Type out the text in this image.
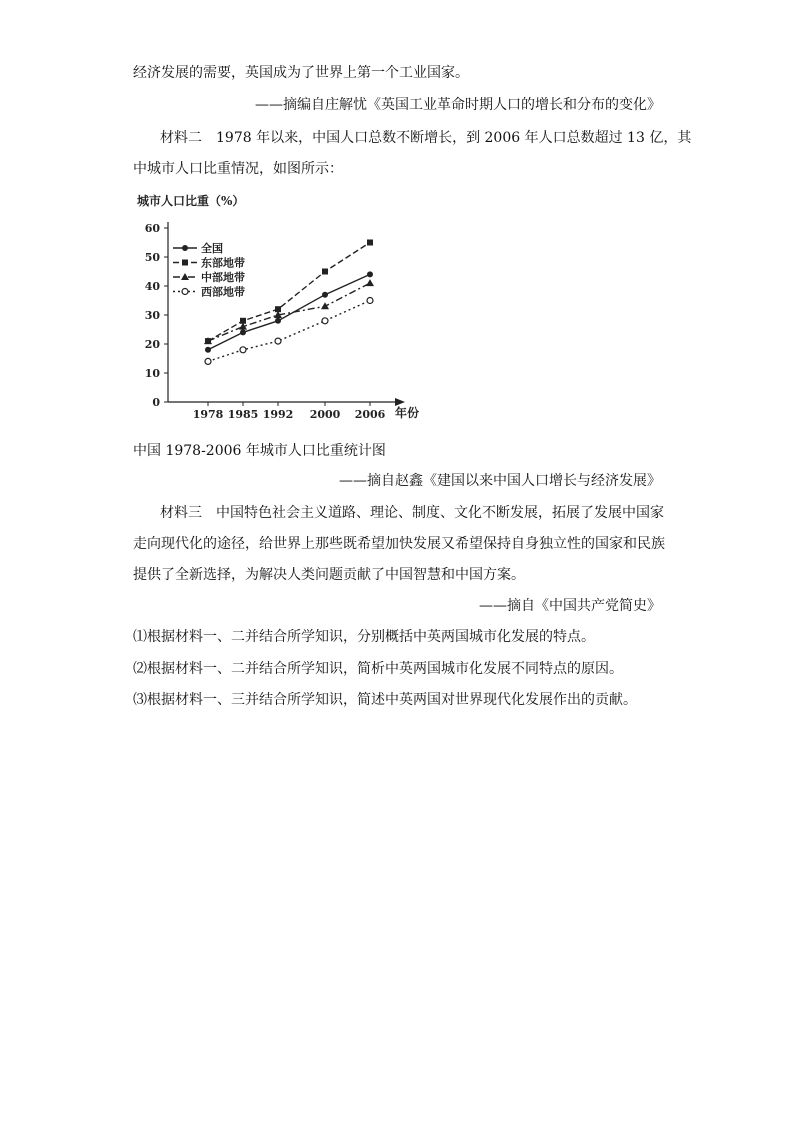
经济发展的需要，英国成为了世界上第一个工业国家。
——摘编自庄解忧《英国工业革命时期人口的增长和分布的变化》
材料二　1978 年以来，中国人口总数不断增长，到 2006 年人口总数超过 13 亿，其
中城市人口比重情况，如图所示：
城市人口比重（%）
年份
0
10
20
30
40
50
60
1978 1985 1992 2000 2006
全国
东部地带
中部地带
西部地带
中国 1978-2006 年城市人口比重统计图
——摘自赵鑫《建国以来中国人口增长与经济发展》
材料三　中国特色社会主义道路、理论、制度、文化不断发展，拓展了发展中国家
走向现代化的途径，给世界上那些既希望加快发展又希望保持自身独立性的国家和民族
提供了全新选择，为解决人类问题贡献了中国智慧和中国方案。
——摘自《中国共产党简史》
⑴根据材料一、二并结合所学知识，分别概括中英两国城市化发展的特点。
⑵根据材料一、二并结合所学知识，简析中英两国城市化发展不同特点的原因。
⑶根据材料一、三并结合所学知识，简述中英两国对世界现代化发展作出的贡献。
